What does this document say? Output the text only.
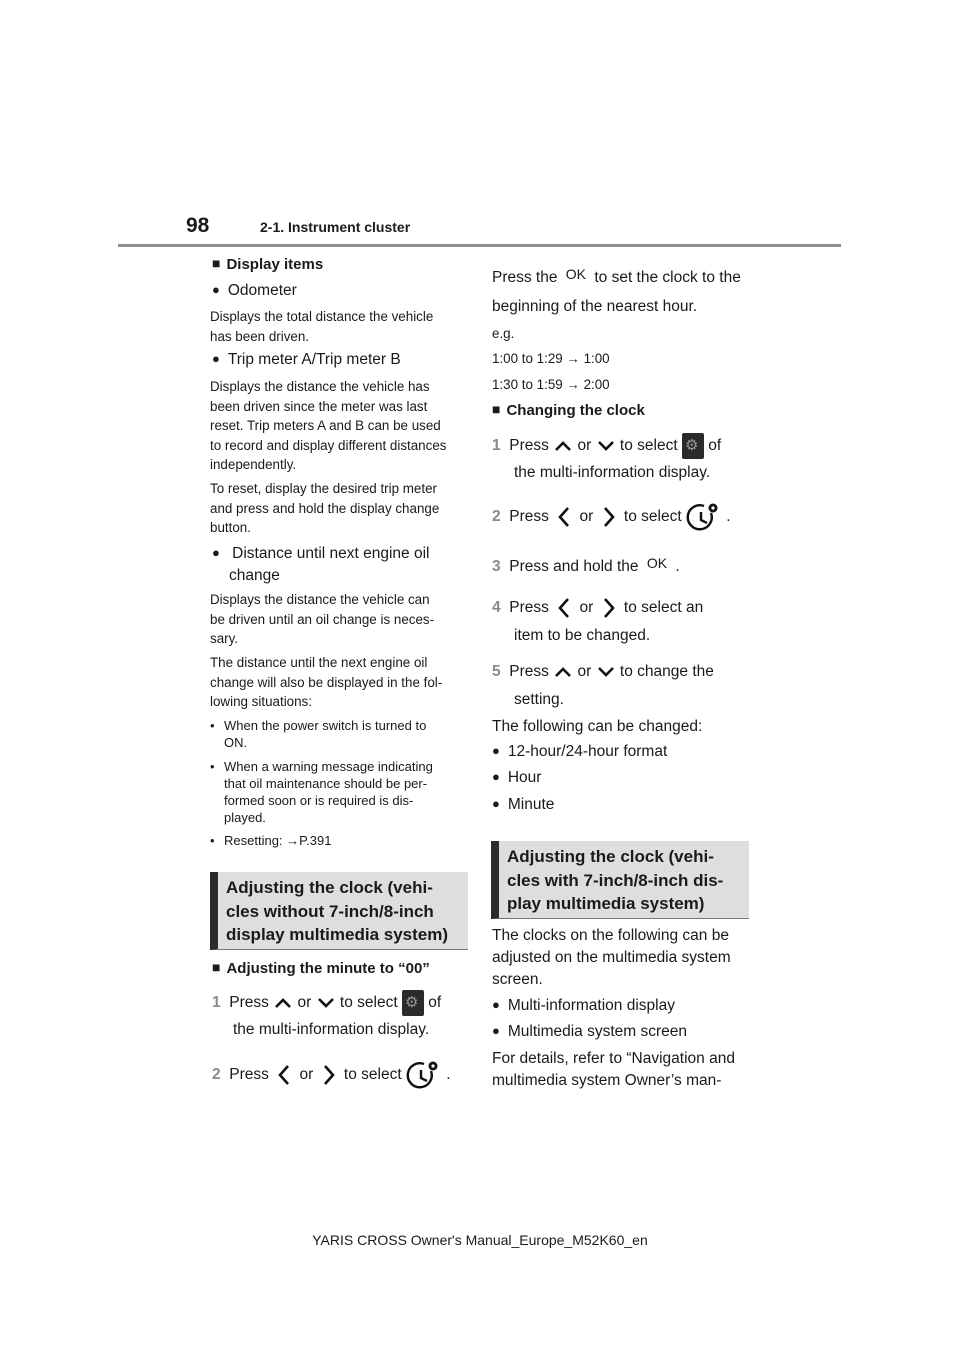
98	2-1. Instrument cluster
■ Display items
● Odometer
Displays the total distance the vehicle
has been driven.
● Trip meter A/Trip meter B
Displays the distance the vehicle has
been driven since the meter was last
reset. Trip meters A and B can be used
to record and display different distances
independently.
To reset, display the desired trip meter
and press and hold the display change
button.
● Distance until next engine oil
change
Displays the distance the vehicle can
be driven until an oil change is neces-
sary.
The distance until the next engine oil
change will also be displayed in the fol-
lowing situations:
• When the power switch is turned to
ON.
• When a warning message indicating
that oil maintenance should be per-
formed soon or is required is dis-
played.
• Resetting: →P.391
Adjusting the clock (vehi-
cles without 7-inch/8-inch
display multimedia system)
■ Adjusting the minute to “00”
1 Press or to select ⚙ of
the multi-information display.
2 Press or to select	.
Press the OK to set the clock to the
beginning of the nearest hour.
e.g.
1:00 to 1:29 → 1:00
1:30 to 1:59 → 2:00
■ Changing the clock
1 Press or to select ⚙ of
the multi-information display.
2 Press or to select	.
3 Press and hold the OK .
4 Press or to select an
item to be changed.
5 Press or to change the
setting.
The following can be changed:
● 12-hour/24-hour format
● Hour
● Minute
Adjusting the clock (vehi-
cles with 7-inch/8-inch dis-
play multimedia system)
The clocks on the following can be
adjusted on the multimedia system
screen.
● Multi-information display
● Multimedia system screen
For details, refer to “Navigation and
multimedia system Owner’s man-
YARIS CROSS Owner's Manual_Europe_M52K60_en
